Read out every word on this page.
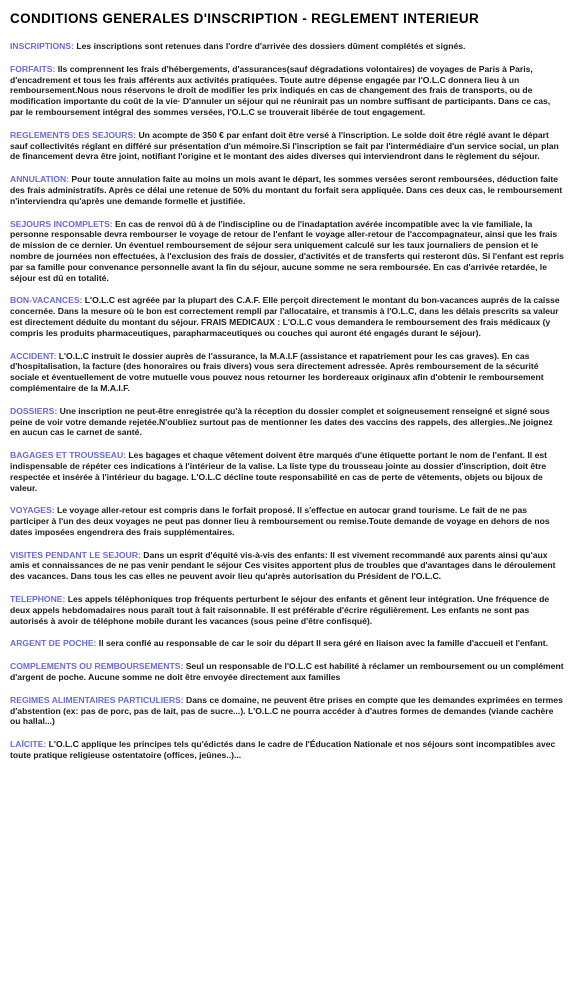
CONDITIONS GENERALES D'INSCRIPTION - REGLEMENT INTERIEUR

INSCRIPTIONS: Les inscriptions sont retenues dans l'ordre d'arrivée des dossiers dûment complétés et signés.

FORFAITS: Ils comprennent les frais d'hébergements, d'assurances(sauf dégradations volontaires) de voyages de Paris à Paris, d'encadrement et tous les frais afférents aux activités pratiquées. Toute autre dépense engagée par l'O.L.C donnera lieu à un remboursement.Nous nous réservons le droit de modifier les prix indiqués en cas de changement des frais de transports, ou de modification importante du coût de la vie· D'annuler un séjour qui ne réunirait pas un nombre suffisant de participants. Dans ce cas, par le remboursement intégral des sommes versées, l'O.L.C se trouverait libérée de tout engagement.

REGLEMENTS DES SEJOURS: Un acompte de 350 € par enfant doit être versé à l'inscription. Le solde doit être réglé avant le départ sauf collectivités réglant en différé sur présentation d'un mémoire.Si l'inscription se fait par l'intermédiaire d'un service social, un plan de financement devra être joint, notifiant l'origine et le montant des aides diverses qui interviendront dans le règlement du séjour.

ANNULATION: Pour toute annulation faite au moins un mois avant le départ, les sommes versées seront remboursées, déduction faite des frais administratifs. Après ce délai une retenue de 50% du montant du forfait sera appliquée. Dans ces deux cas, le remboursement n'interviendra qu'après une demande formelle et justifiée.

SEJOURS INCOMPLETS: En cas de renvoi dû à de l'indiscipline ou de l'inadaptation avérée incompatible avec la vie familiale, la personne responsable devra rembourser le voyage de retour de l'enfant le voyage aller-retour de l'accompagnateur, ainsi que les frais de mission de ce dernier. Un éventuel remboursement de séjour sera uniquement calculé sur les taux journaliers de pension et le nombre de journées non effectuées, à l'exclusion des frais de dossier, d'activités et de transferts qui resteront dûs. Si l'enfant est repris par sa famille pour convenance personnelle avant la fin du séjour, aucune somme ne sera remboursée. En cas d'arrivée retardée, le séjour est dû en totalité.

BON-VACANCES: L'O.L.C est agréée par la plupart des C.A.F. Elle perçoit directement le montant du bon-vacances auprès de la caisse concernée. Dans la mesure où le bon est correctement rempli par l'allocataire, et transmis à l'O.L.C, dans les délais prescrits sa valeur est directement déduite du montant du séjour. FRAIS MEDICAUX : L'O.L.C vous demandera le remboursement des frais médicaux (y compris les produits pharmaceutiques, parapharmaceutiques ou couches qui auront été engagés durant le séjour).

ACCIDENT: L'O.L.C instruit le dossier auprès de l'assurance, la M.A.I.F (assistance et rapatriement pour les cas graves). En cas d'hospitalisation, la facture (des honoraires ou frais divers) vous sera directement adressée. Après remboursement de la sécurité sociale et éventuellement de votre mutuelle vous pouvez nous retourner les bordereaux originaux afin d'obtenir le remboursement complémentaire de la M.A.I.F.

DOSSIERS: Une inscription ne peut-être enregistrée qu'à la réception du dossier complet et soigneusement renseigné et signé sous peine de voir votre demande rejetée.N'oubliez surtout pas de mentionner les dates des vaccins des rappels, des allergies..Ne joignez en aucun cas le carnet de santé.

BAGAGES ET TROUSSEAU: Les bagages et chaque vêtement doivent être marqués d'une étiquette portant le nom de l'enfant. Il est indispensable de répéter ces indications à l'intérieur de la valise. La liste type du trousseau jointe au dossier d'inscription, doit être respectée et insérée à l'intérieur du bagage. L'O.L.C décline toute responsabilité en cas de perte de vêtements, objets ou bijoux de valeur.

VOYAGES: Le voyage aller-retour est compris dans le forfait proposé. Il s'effectue en autocar grand tourisme. Le fait de ne pas participer à l'un des deux voyages ne peut pas donner lieu à remboursement ou remise.Toute demande de voyage en dehors de nos dates imposées engendrera des frais supplémentaires.

VISITES PENDANT LE SEJOUR: Dans un esprit d'équité vis-à-vis des enfants: Il est vivement recommandé aux parents ainsi qu'aux amis et connaissances de ne pas venir pendant le séjour Ces visites apportent plus de troubles que d'avantages dans le déroulement des vacances. Dans tous les cas elles ne peuvent avoir lieu qu'après autorisation du Président de l'O.L.C.

TELEPHONE: Les appels téléphoniques trop fréquents perturbent le séjour des enfants et gênent leur intégration. Une fréquence de deux appels hebdomadaires nous paraît tout à fait raisonnable. Il est préférable d'écrire régulièrement. Les enfants ne sont pas autorisés à avoir de téléphone mobile durant les vacances (sous peine d'être confisqué).

ARGENT DE POCHE: Il sera confié au responsable de car le soir du départ Il sera géré en liaison avec la famille d'accueil et l'enfant.

COMPLEMENTS OU REMBOURSEMENTS: Seul un responsable de l'O.L.C est habilité à réclamer un remboursement ou un complément d'argent de poche. Aucune somme ne doit être envoyée directement aux familles

REGIMES ALIMENTAIRES PARTICULIERS: Dans ce domaine, ne peuvent être prises en compte que les demandes exprimées en termes d'abstention (ex: pas de porc, pas de lait, pas de sucre...). L'O.L.C ne pourra accéder à d'autres formes de demandes (viande cachère ou hallal...)

LAÏCITE: L'O.L.C applique les principes tels qu'édictés dans le cadre de l'Éducation Nationale et nos séjours sont incompatibles avec toute pratique religieuse ostentatoire (offices, jeûnes..)...
